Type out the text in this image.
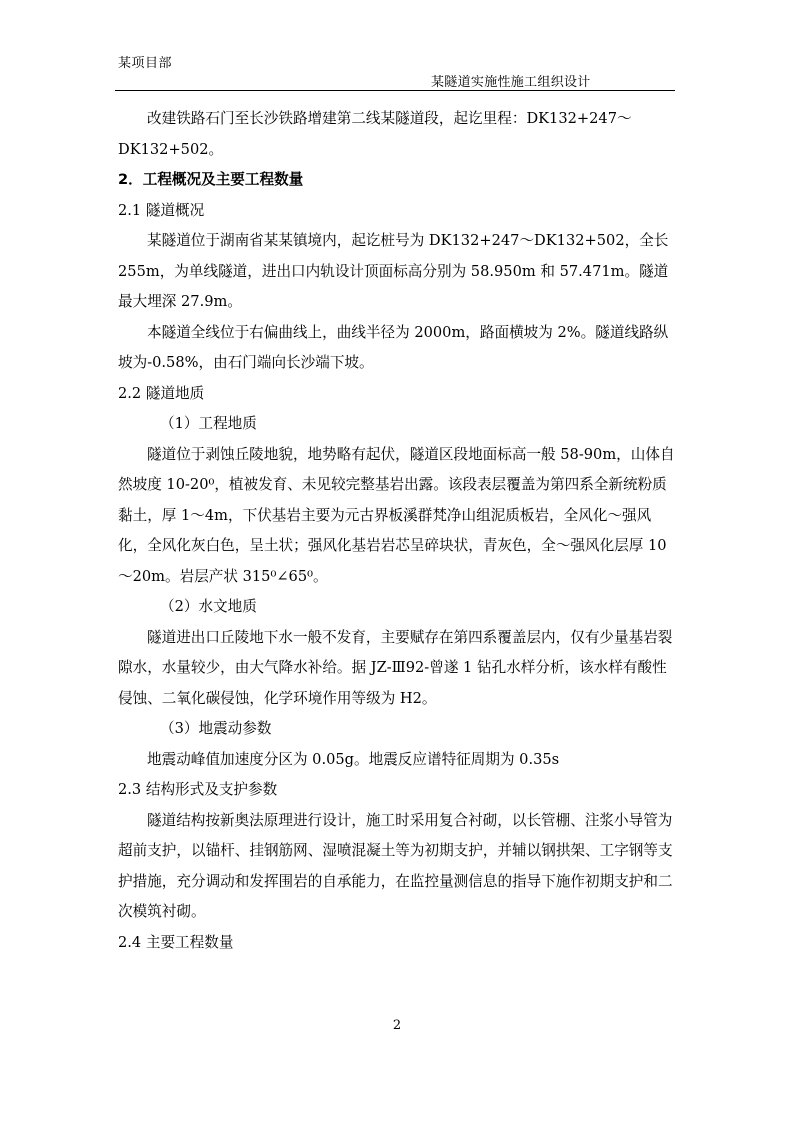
某项目部
某隧道实施性施工组织设计

改建铁路石门至长沙铁路增建第二线某隧道段，起讫里程：DK132+247～DK132+502。

2．工程概况及主要工程数量

2.1 隧道概况

某隧道位于湖南省某某镇境内，起讫桩号为 DK132+247～DK132+502，全长255m，为单线隧道，进出口内轨设计顶面标高分别为 58.950m 和 57.471m。隧道最大埋深 27.9m。

本隧道全线位于右偏曲线上，曲线半径为 2000m，路面横坡为 2%。隧道线路纵坡为-0.58%，由石门端向长沙端下坡。

2.2 隧道地质

（1）工程地质

隧道位于剥蚀丘陵地貌，地势略有起伏，隧道区段地面标高一般 58-90m，山体自然坡度 10-20⁰，植被发育、未见较完整基岩出露。该段表层覆盖为第四系全新统粉质黏土，厚 1～4m，下伏基岩主要为元古界板溪群梵净山组泥质板岩，全风化～强风化，全风化灰白色，呈土状；强风化基岩岩芯呈碎块状，青灰色，全～强风化层厚 10～20m。岩层产状 315⁰∠65⁰。

（2）水文地质

隧道进出口丘陵地下水一般不发育，主要赋存在第四系覆盖层内，仅有少量基岩裂隙水，水量较少，由大气降水补给。据 JZ-Ⅲ92-曾遂 1 钻孔水样分析，该水样有酸性侵蚀、二氧化碳侵蚀，化学环境作用等级为 H2。

（3）地震动参数

地震动峰值加速度分区为 0.05g。地震反应谱特征周期为 0.35s

2.3 结构形式及支护参数

隧道结构按新奥法原理进行设计，施工时采用复合衬砌，以长管棚、注浆小导管为超前支护，以锚杆、挂钢筋网、湿喷混凝土等为初期支护，并辅以钢拱架、工字钢等支护措施，充分调动和发挥围岩的自承能力，在监控量测信息的指导下施作初期支护和二次模筑衬砌。

2.4 主要工程数量

2
